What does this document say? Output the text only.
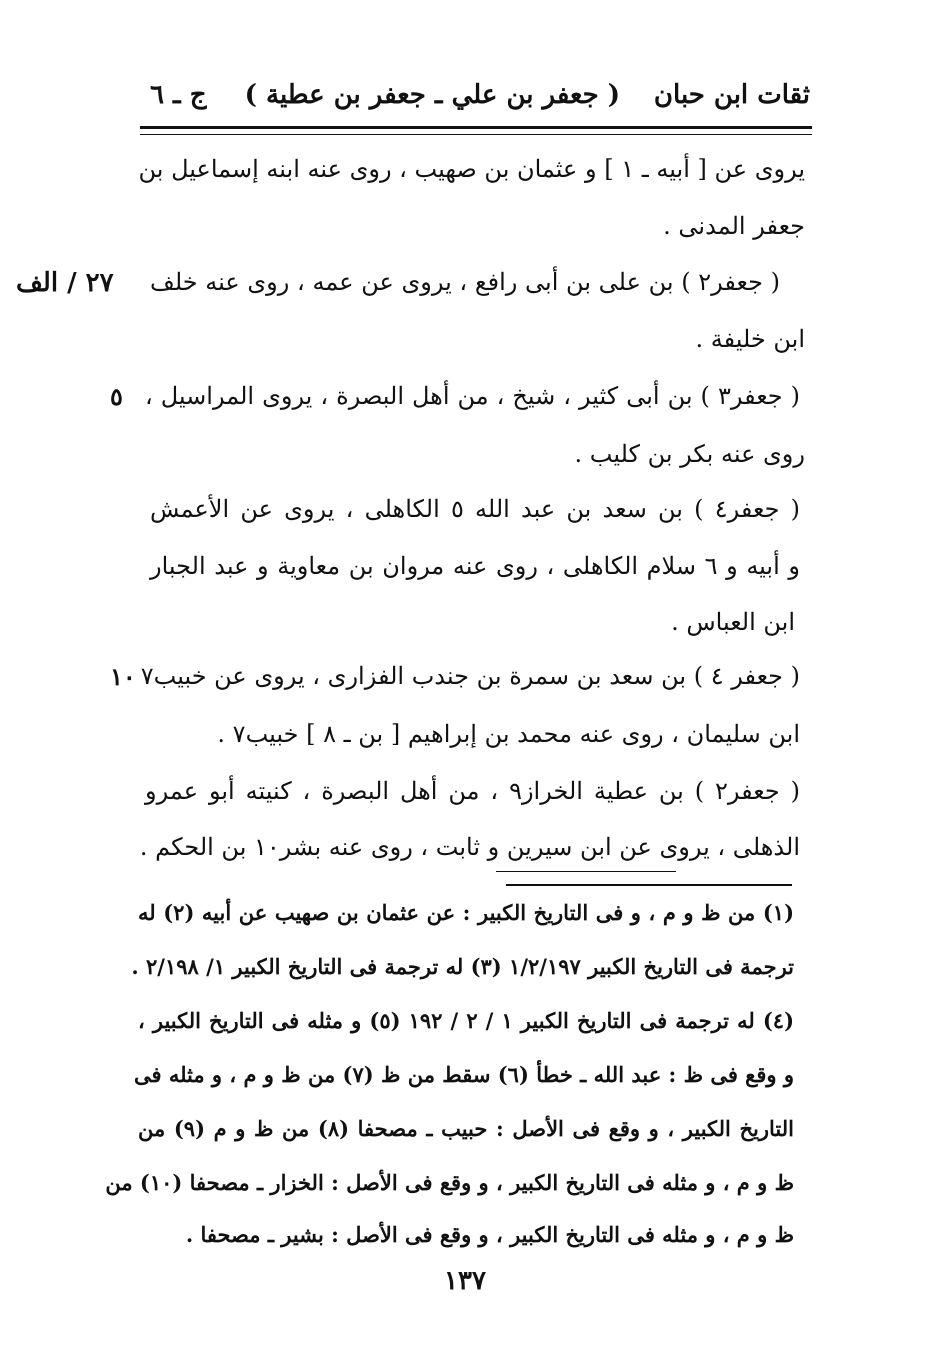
ثقات ابن حبان
( جعفر بن علي ـ جعفر بن عطية )
ج ـ ٦
٢٧ / الف
٥
١٠
يروى عن [ أبيه ـ ١ ] و عثمان بن صهيب ، روى عنه ابنه إسماعيل بن
جعفر المدنى .
( جعفر٢ ) بن على بن أبى رافع ، يروى عن عمه ، روى عنه خلف
ابن خليفة .
( جعفر٣ ) بن أبى كثير ، شيخ ، من أهل البصرة ، يروى المراسيل ،
روى عنه بكر بن كليب .
( جعفر٤ ) بن سعد بن عبد الله ٥ الكاهلى ، يروى عن الأعمش
و أبيه و ٦ سلام الكاهلى ، روى عنه مروان بن معاوية و عبد الجبار
ابن العباس .
( جعفر ٤ ) بن سعد بن سمرة بن جندب الفزارى ، يروى عن خبيب٧
ابن سليمان ، روى عنه محمد بن إبراهيم [ بن ـ ٨ ] خبيب٧ .
( جعفر٢ ) بن عطية الخراز٩ ، من أهل البصرة ، كنيته أبو عمرو
الذهلى ، يروى عن ابن سيرين و ثابت ، روى عنه بشر١٠ بن الحكم .
(١) من ظ و م ، و فى التاريخ الكبير : عن عثمان بن صهيب عن أبيه (٢) له
ترجمة فى التاريخ الكبير ١/٢/١٩٧ (٣) له ترجمة فى التاريخ الكبير ١/ ٢/١٩٨ .
(٤) له ترجمة فى التاريخ الكبير ١ / ٢ / ١٩٢ (٥) و مثله فى التاريخ الكبير ،
و وقع فى ظ : عبد الله ـ خطأ (٦) سقط من ظ (٧) من ظ و م ، و مثله فى
التاريخ الكبير ، و وقع فى الأصل : حبيب ـ مصحفا (٨) من ظ و م (٩) من
ظ و م ، و مثله فى التاريخ الكبير ، و وقع فى الأصل : الخزار ـ مصحفا (١٠) من
ظ و م ، و مثله فى التاريخ الكبير ، و وقع فى الأصل : بشير ـ مصحفا .
١٣٧
